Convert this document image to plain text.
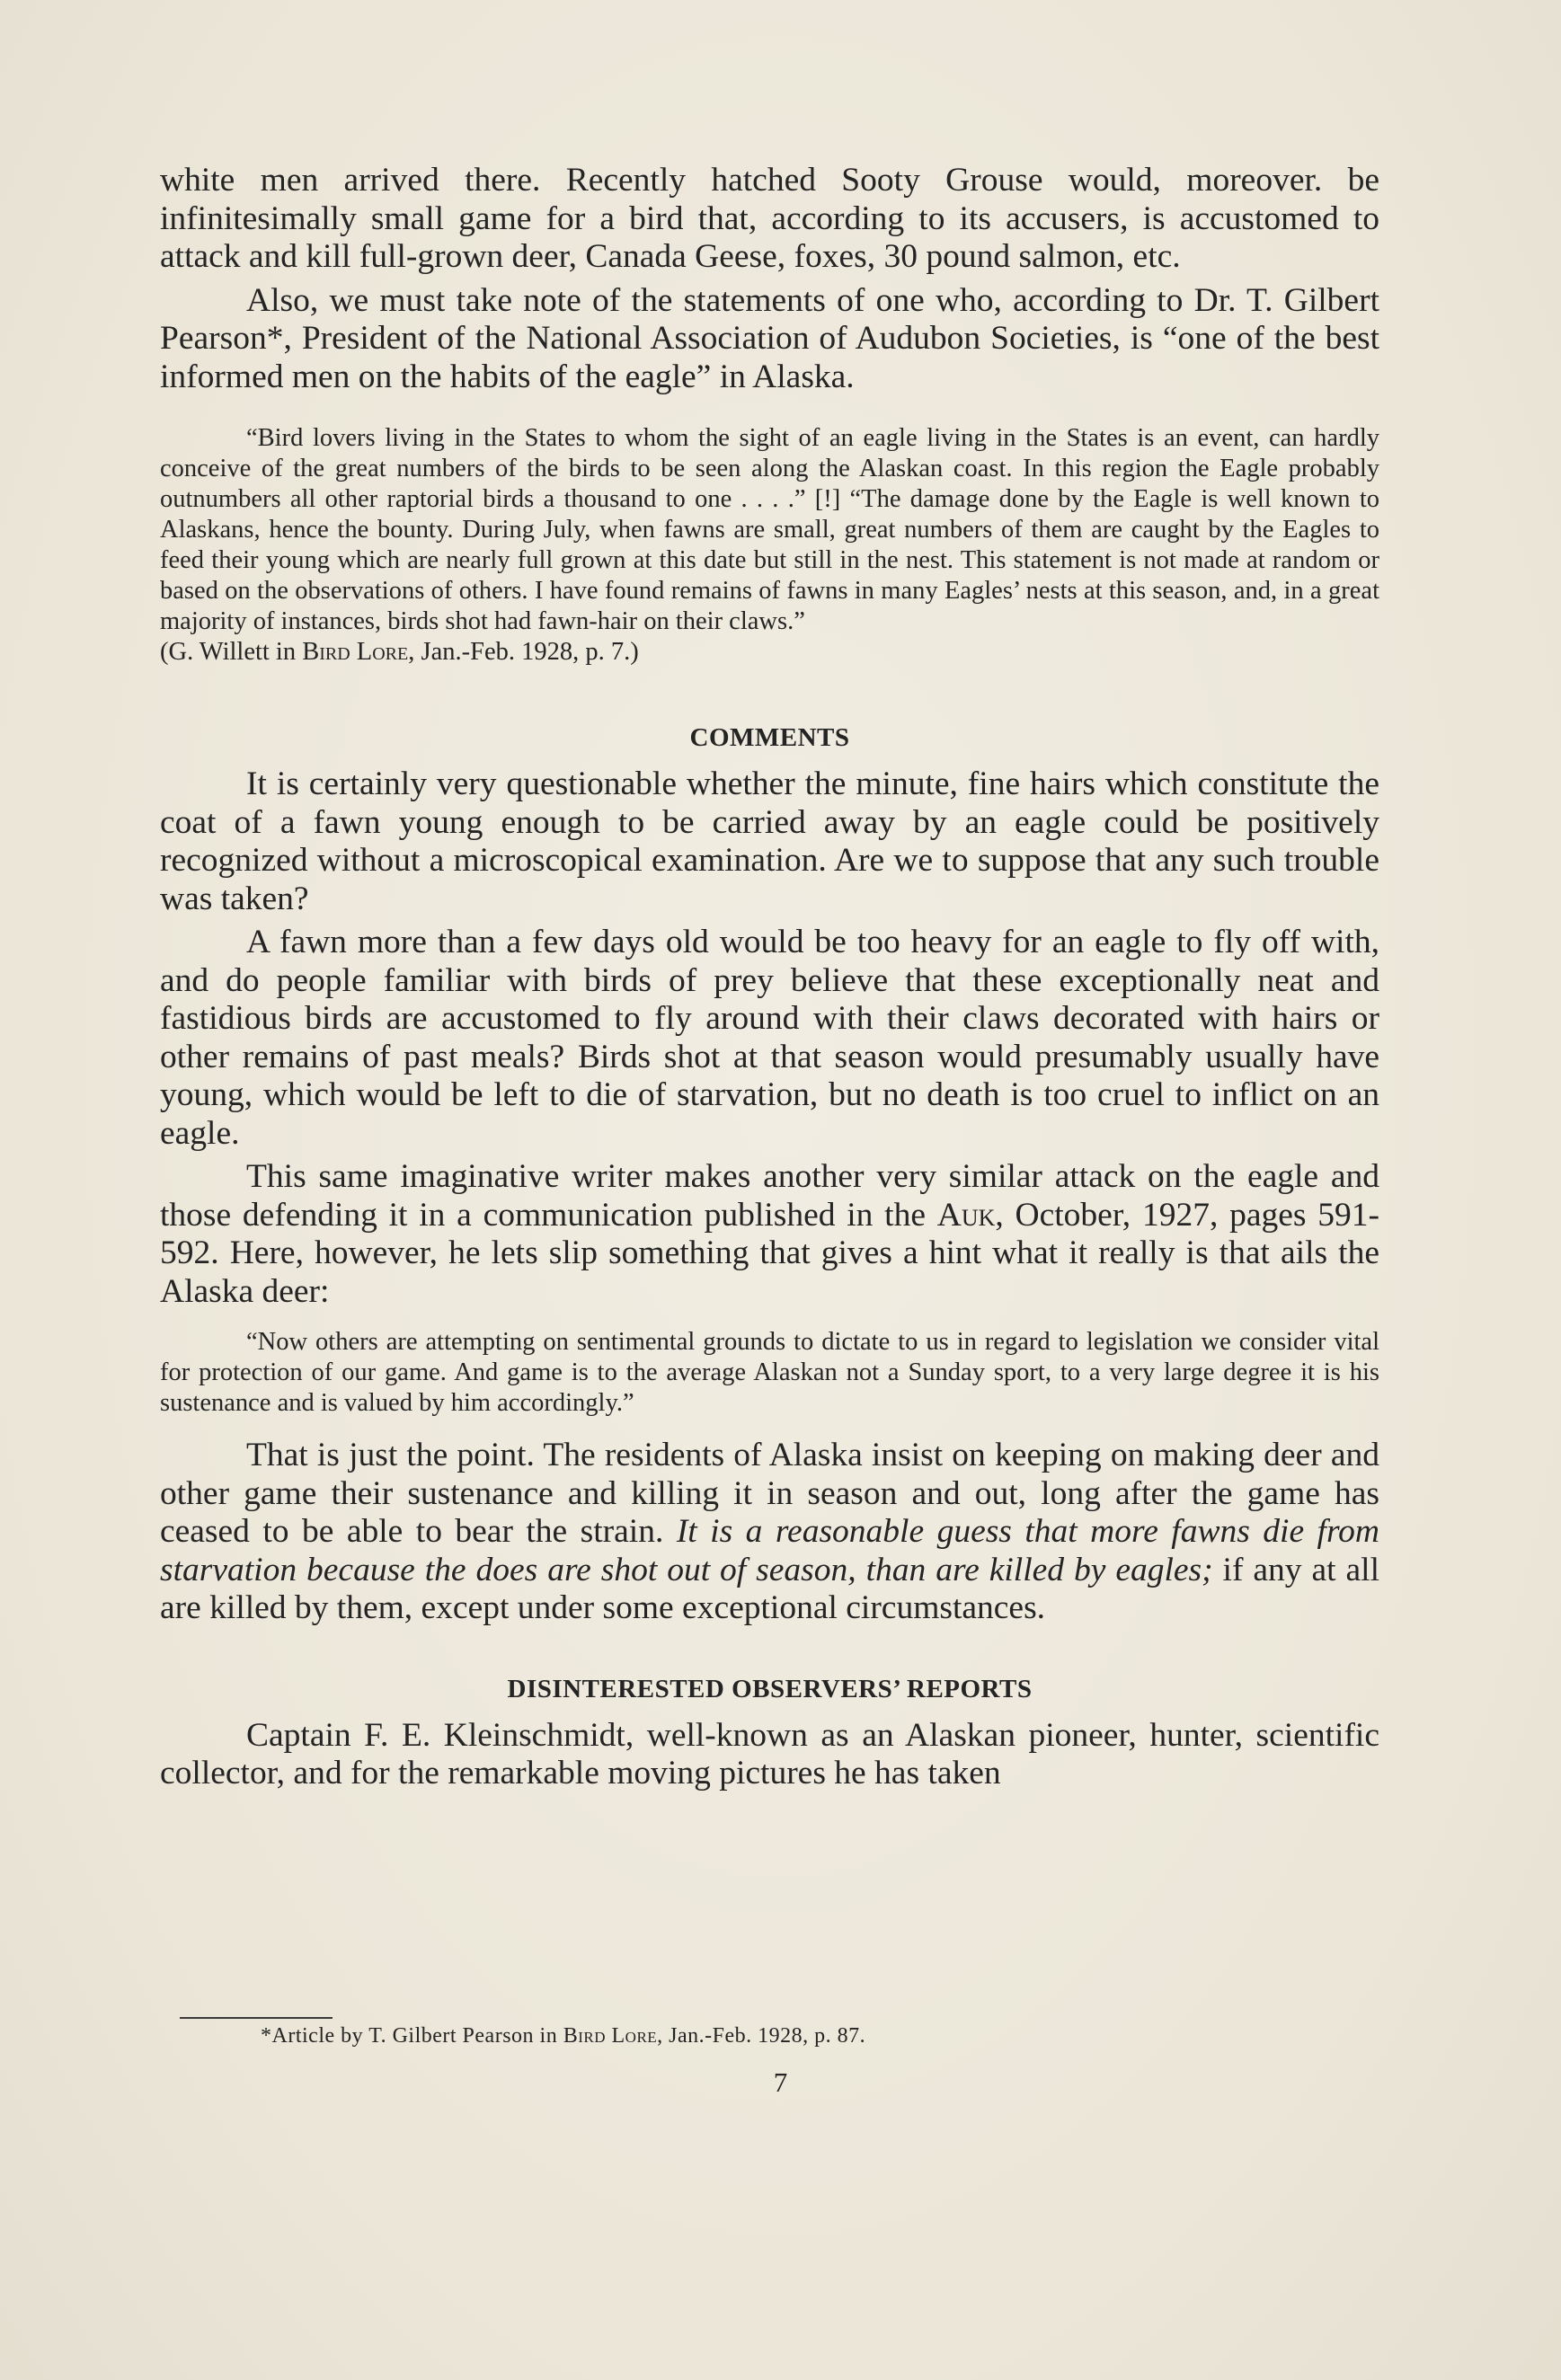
white men arrived there. Recently hatched Sooty Grouse would, moreover. be infinitesimally small game for a bird that, according to its accusers, is accustomed to attack and kill full-grown deer, Canada Geese, foxes, 30 pound salmon, etc.

Also, we must take note of the statements of one who, according to Dr. T. Gilbert Pearson*, President of the National Association of Audubon Societies, is “one of the best informed men on the habits of the eagle” in Alaska.

“Bird lovers living in the States to whom the sight of an eagle living in the States is an event, can hardly conceive of the great numbers of the birds to be seen along the Alaskan coast. In this region the Eagle probably outnumbers all other raptorial birds a thousand to one . . . .” [!] “The damage done by the Eagle is well known to Alaskans, hence the bounty. During July, when fawns are small, great numbers of them are caught by the Eagles to feed their young which are nearly full grown at this date but still in the nest. This statement is not made at random or based on the observations of others. I have found remains of fawns in many Eagles’ nests at this season, and, in a great majority of instances, birds shot had fawn-hair on their claws.”
(G. Willett in Bird Lore, Jan.-Feb. 1928, p. 7.)

COMMENTS

It is certainly very questionable whether the minute, fine hairs which constitute the coat of a fawn young enough to be carried away by an eagle could be positively recognized without a microscopical examination. Are we to suppose that any such trouble was taken?

A fawn more than a few days old would be too heavy for an eagle to fly off with, and do people familiar with birds of prey believe that these exceptionally neat and fastidious birds are accustomed to fly around with their claws decorated with hairs or other remains of past meals? Birds shot at that season would presumably usually have young, which would be left to die of starvation, but no death is too cruel to inflict on an eagle.

This same imaginative writer makes another very similar attack on the eagle and those defending it in a communication published in the Auk, October, 1927, pages 591-592. Here, however, he lets slip something that gives a hint what it really is that ails the Alaska deer:

“Now others are attempting on sentimental grounds to dictate to us in regard to legislation we consider vital for protection of our game. And game is to the average Alaskan not a Sunday sport, to a very large degree it is his sustenance and is valued by him accordingly.”

That is just the point. The residents of Alaska insist on keeping on making deer and other game their sustenance and killing it in season and out, long after the game has ceased to be able to bear the strain. It is a reasonable guess that more fawns die from starvation because the does are shot out of season, than are killed by eagles; if any at all are killed by them, except under some exceptional circumstances.

DISINTERESTED OBSERVERS’ REPORTS

Captain F. E. Kleinschmidt, well-known as an Alaskan pioneer, hunter, scientific collector, and for the remarkable moving pictures he has taken

*Article by T. Gilbert Pearson in Bird Lore, Jan.-Feb. 1928, p. 87.

7
